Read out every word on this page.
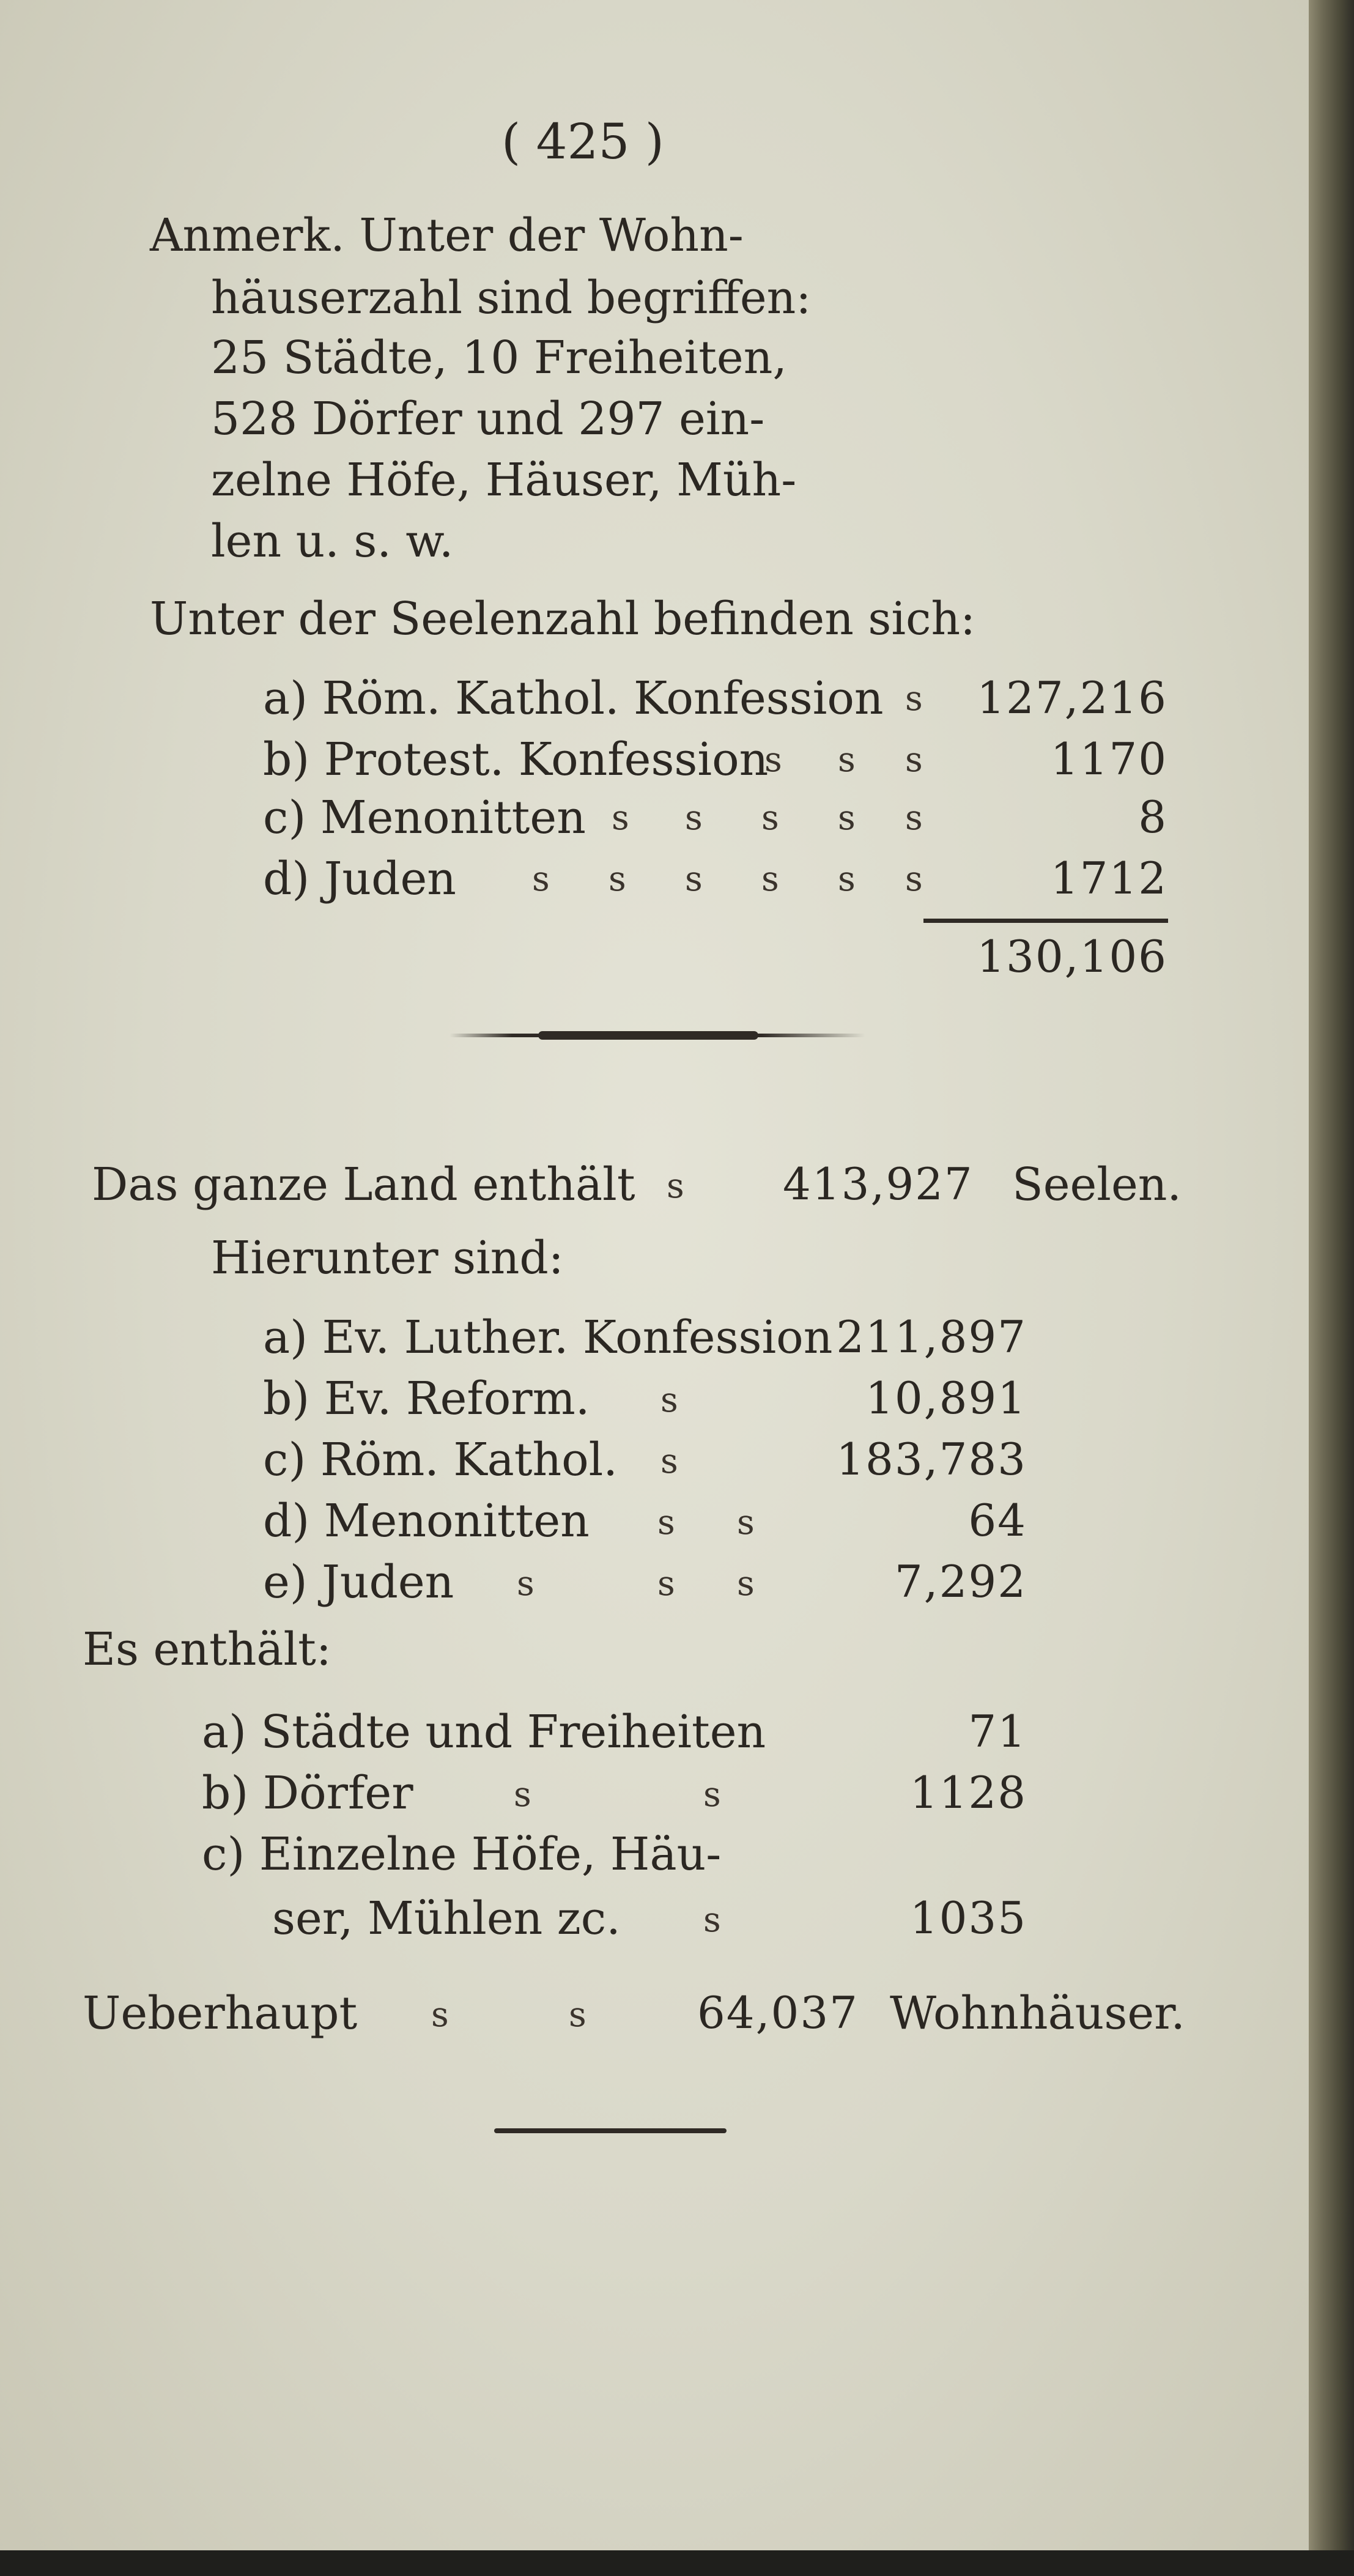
( 425 )
Anmerk. Unter der Wohn-
häuserzahl sind begriffen:
25 Städte, 10 Freiheiten,
528 Dörfer und 297 ein-
zelne Höfe, Häuser, Müh-
len u. s. w.
Unter der Seelenzahl befinden sich:
a) Röm. Kathol. Konfession 127,216
b) Protest. Konfession	1170
c) Menonitten	8
d) Juden	1712
s
s s s
s s s s s
s s s s s s
130,106
Das ganze Land enthält s 413,927 Seelen.
Hierunter sind:
a) Ev. Luther. Konfession 211,897
b) Ev. Reform. s	10,891
c) Röm. Kathol. s	183,783
d) Menonitten s s	64
e) Juden s	s s	7,292
Es enthält:
a) Städte und Freiheiten	71
b) Dörfer	s	s	1128
c) Einzelne Höfe, Häu-
ser, Mühlen zc. s	1035
Ueberhaupt s	s	64,037 Wohnhäuser.
